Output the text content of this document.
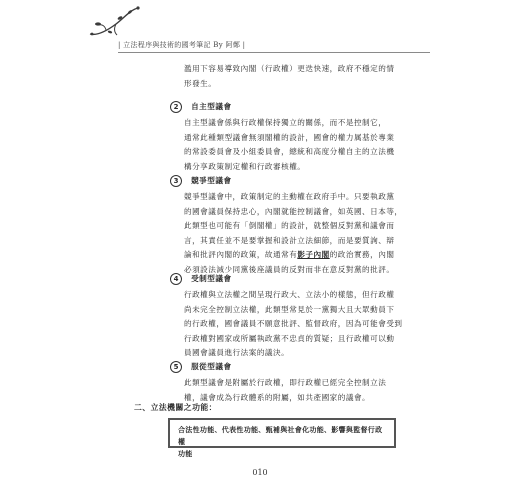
| 立法程序與技術的國考筆記 By 阿鄭 |
濫用下容易導致內閣（行政權）更迭快速，政府不穩定的情
形發生。
2 自主型議會
自主型議會係與行政權保持獨立的關係，而不是控制它，
通常此種類型議會無須閣權的設計，國會的權力属基於專業
的常設委員會及小組委員會，總統和高度分權自主的立法機
構分享政策制定權和行政審核權。
3 競爭型議會
競爭型議會中，政策制定的主動權在政府手中。只要執政黨
的國會議員保持忠心，內閣就能控制議會，如英國、日本等，
此類型也可能有「倒閣權」的設計，就整個反對黨和議會而
言，其責任並不是要掌握和設計立法細節，而是要質詢、辯
論和批評內閣的政策，故通常有影子內閣的政治實務，內閣
必須設法減少同黨後座議員的反對而非在意反對黨的批評。
4 受制型議會
行政權與立法權之間呈現行政大、立法小的樣態，但行政權
尚未完全控制立法權，此類型常見於一黨獨大且大眾動員下
的行政權，國會議員不願意批評、監督政府，因為可能會受到
行政權對國家或所屬執政黨不忠貞的質疑；且行政權可以動
員國會議員進行法案的議決。
5 服從型議會
此類型議會是附屬於行政權，即行政權已經完全控制立法
權，議會成為行政體系的附屬，如共產國家的議會。
二、立法機關之功能：
合法性功能、代表性功能、甄補與社會化功能、影響與監督行政權
功能
010
